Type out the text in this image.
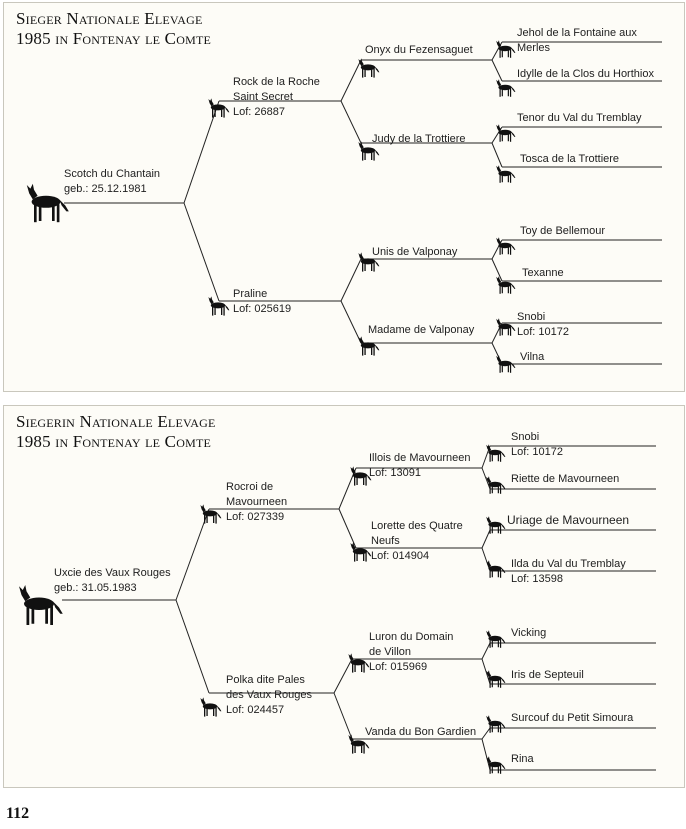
Sieger Nationale Elevage
1985 in Fontenay le Comte
Scotch du Chantain
geb.: 25.12.1981
Rock de la Roche
Saint Secret
Lof: 26887
Praline
Lof: 025619
Onyx du Fezensaguet
Judy de la Trottiere
Unis de Valponay
Madame de Valponay
Jehol de la Fontaine aux
Merles
Idylle de la Clos du Horthiox
Tenor du Val du Tremblay
Tosca de la Trottiere
Toy de Bellemour
Texanne
Snobi
Lof: 10172
Vilna
Siegerin Nationale Elevage
1985 in Fontenay le Comte
Uxcie des Vaux Rouges
geb.: 31.05.1983
Rocroi de
Mavourneen
Lof: 027339
Polka dite Pales
des Vaux Rouges
Lof: 024457
Illois de Mavourneen
Lof: 13091
Lorette des Quatre
Neufs
Lof: 014904
Luron du Domain
de Villon
Lof: 015969
Vanda du Bon Gardien
Snobi
Lof: 10172
Riette de Mavourneen
Uriage de Mavourneen
Ilda du Val du Tremblay
Lof: 13598
Vicking
Iris de Septeuil
Surcouf du Petit Simoura
Rina
112
